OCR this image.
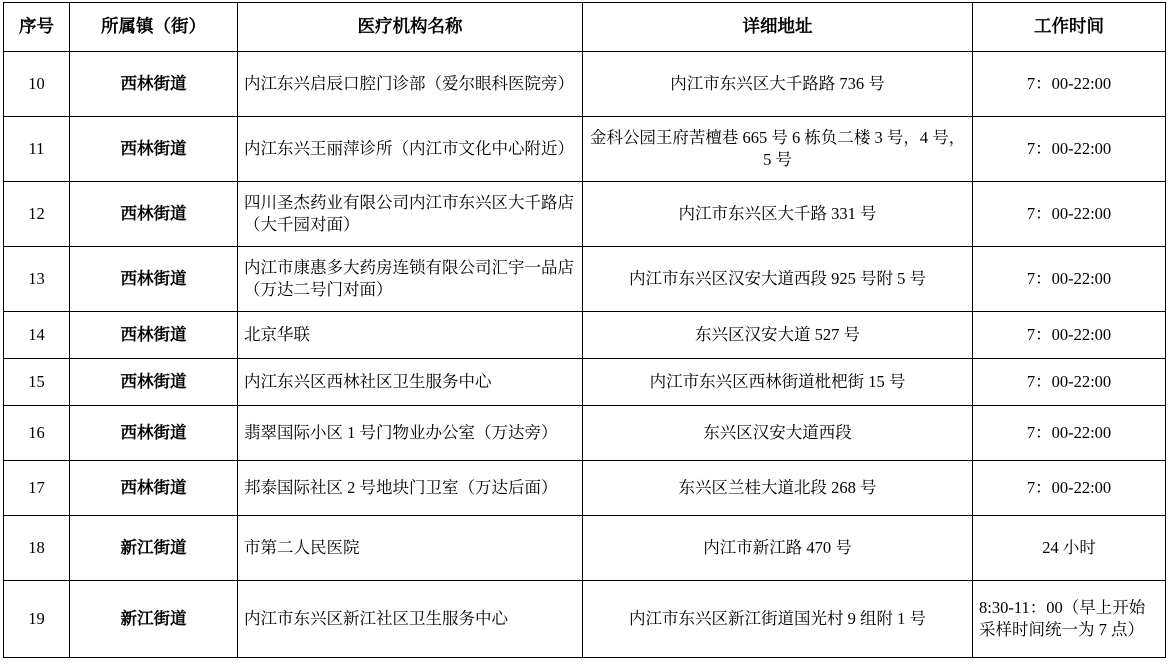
序号	所属镇（街）	医疗机构名称	详细地址	工作时间
10	西林街道	内江东兴启辰口腔门诊部（爱尔眼科医院旁）	内江市东兴区大千路路 736 号	7：00-22:00
11	西林街道	内江东兴王丽萍诊所（内江市文化中心附近）	金科公园王府苦檀巷 665 号 6 栋负二楼 3 号，4 号，5 号	7：00-22:00
12	西林街道	四川圣杰药业有限公司内江市东兴区大千路店（大千园对面）	内江市东兴区大千路 331 号	7：00-22:00
13	西林街道	内江市康惠多大药房连锁有限公司汇宇一品店（万达二号门对面）	内江市东兴区汉安大道西段 925 号附 5 号	7：00-22:00
14	西林街道	北京华联	东兴区汉安大道 527 号	7：00-22:00
15	西林街道	内江东兴区西林社区卫生服务中心	内江市东兴区西林街道枇杷街 15 号	7：00-22:00
16	西林街道	翡翠国际小区 1 号门物业办公室（万达旁）	东兴区汉安大道西段	7：00-22:00
17	西林街道	邦泰国际社区 2 号地块门卫室（万达后面）	东兴区兰桂大道北段 268 号	7：00-22:00
18	新江街道	市第二人民医院	内江市新江路 470 号	24 小时
19	新江街道	内江市东兴区新江社区卫生服务中心	内江市东兴区新江街道国光村 9 组附 1 号	8:30-11：00（早上开始采样时间统一为 7 点）
